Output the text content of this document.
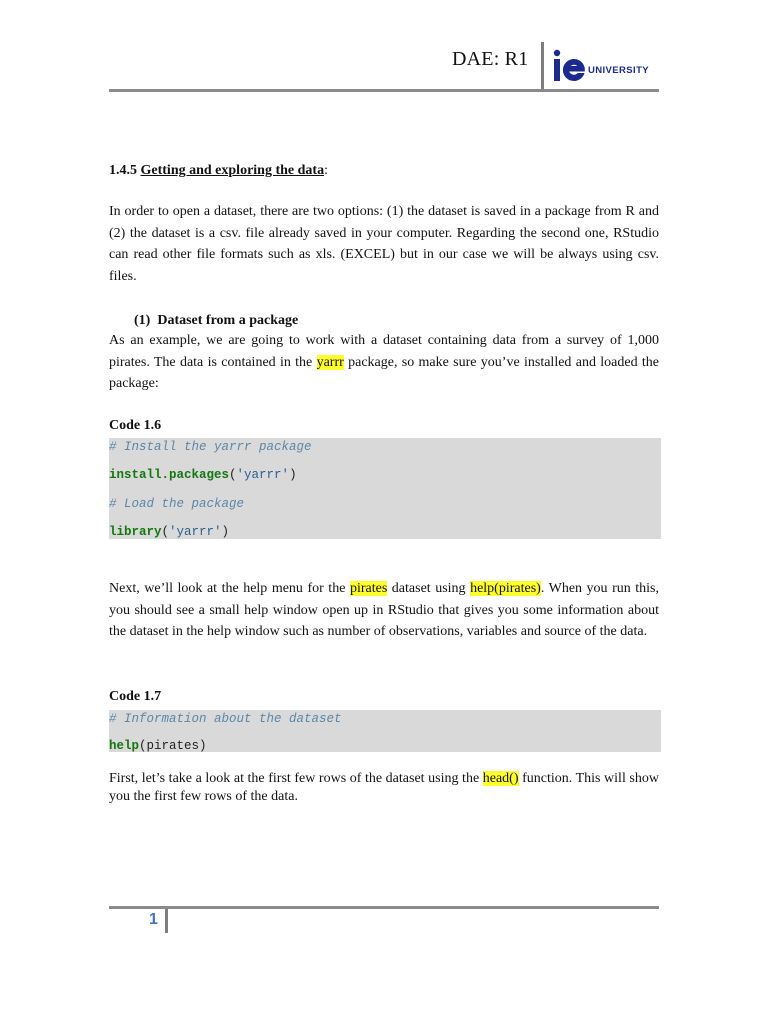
DAE: R1
UNIVERSITY
1.4.5 Getting and exploring the data:

In order to open a dataset, there are two options: (1) the dataset is saved in a package from R and (2) the dataset is a csv. file already saved in your computer. Regarding the second one, RStudio can read other file formats such as xls. (EXCEL) but in our case we will be always using csv. files.

(1) Dataset from a package

As an example, we are going to work with a dataset containing data from a survey of 1,000 pirates. The data is contained in the yarrr package, so make sure you’ve installed and loaded the package:

Code 1.6
# Install the yarrr package
install.packages('yarrr')
# Load the package
library('yarrr')

Next, we’ll look at the help menu for the pirates dataset using help(pirates). When you run this, you should see a small help window open up in RStudio that gives you some information about the dataset in the help window such as number of observations, variables and source of the data.

Code 1.7
# Information about the dataset
help(pirates)

First, let’s take a look at the first few rows of the dataset using the head() function. This will show you the first few rows of the data.

1
